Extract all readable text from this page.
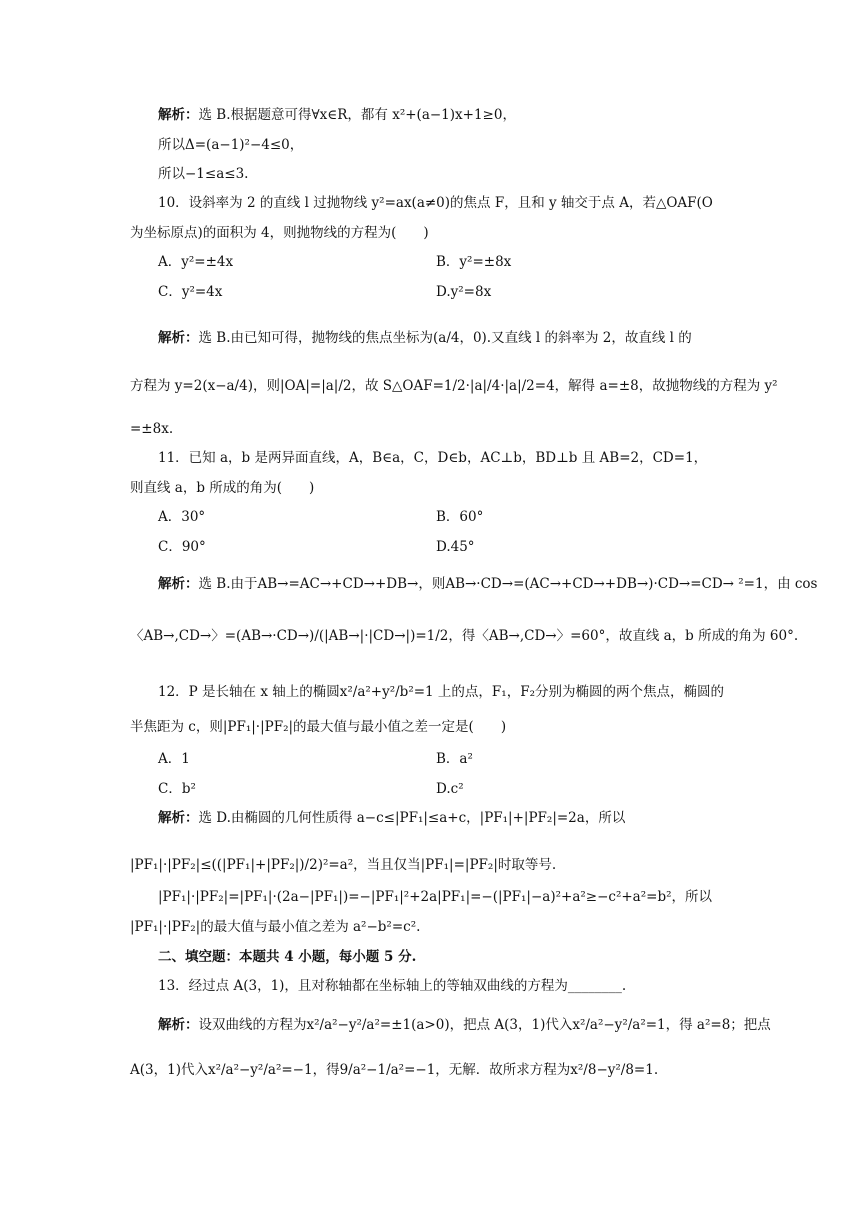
解析：选 B.根据题意可得∀x∈R，都有 x²+(a−1)x+1≥0，
所以Δ=(a−1)²−4≤0，
所以−1≤a≤3.
10．设斜率为 2 的直线 l 过抛物线 y²=ax(a≠0)的焦点 F，且和 y 轴交于点 A，若△OAF(O
为坐标原点)的面积为 4，则抛物线的方程为(　　)
A．y²=±4x	B．y²=±8x
C．y²=4x	D.y²=8x
解析：选 B.由已知可得，抛物线的焦点坐标为(a/4，0).又直线 l 的斜率为 2，故直线 l 的
方程为 y=2(x−a/4)，则|OA|=|a|/2，故 S△OAF=1/2·|a|/4·|a|/2=4，解得 a=±8，故抛物线的方程为 y²
=±8x.
11．已知 a，b 是两异面直线，A，B∈a，C，D∈b，AC⊥b，BD⊥b 且 AB=2，CD=1，
则直线 a，b 所成的角为(　　)
A．30°	B．60°
C．90°	D.45°
解析：选 B.由于AB→=AC→+CD→+DB→，则AB→·CD→=(AC→+CD→+DB→)·CD→=CD→ ²=1，由 cos
〈AB→,CD→〉=(AB→·CD→)/(|AB→|·|CD→|)=1/2，得〈AB→,CD→〉=60°，故直线 a，b 所成的角为 60°.
12．P 是长轴在 x 轴上的椭圆x²/a²+y²/b²=1 上的点，F₁，F₂分别为椭圆的两个焦点，椭圆的
半焦距为 c，则|PF₁|·|PF₂|的最大值与最小值之差一定是(　　)
A．1	B．a²
C．b²	D.c²
解析：选 D.由椭圆的几何性质得 a−c≤|PF₁|≤a+c，|PF₁|+|PF₂|=2a，所以
|PF₁|·|PF₂|≤((|PF₁|+|PF₂|)/2)²=a²，当且仅当|PF₁|=|PF₂|时取等号.
|PF₁|·|PF₂|=|PF₁|·(2a−|PF₁|)=−|PF₁|²+2a|PF₁|=−(|PF₁|−a)²+a²≥−c²+a²=b²，所以
|PF₁|·|PF₂|的最大值与最小值之差为 a²−b²=c².
二、填空题：本题共 4 小题，每小题 5 分.
13．经过点 A(3，1)，且对称轴都在坐标轴上的等轴双曲线的方程为________.
解析：设双曲线的方程为x²/a²−y²/a²=±1(a>0)，把点 A(3，1)代入x²/a²−y²/a²=1，得 a²=8；把点
A(3，1)代入x²/a²−y²/a²=−1，得9/a²−1/a²=−1，无解．故所求方程为x²/8−y²/8=1.
